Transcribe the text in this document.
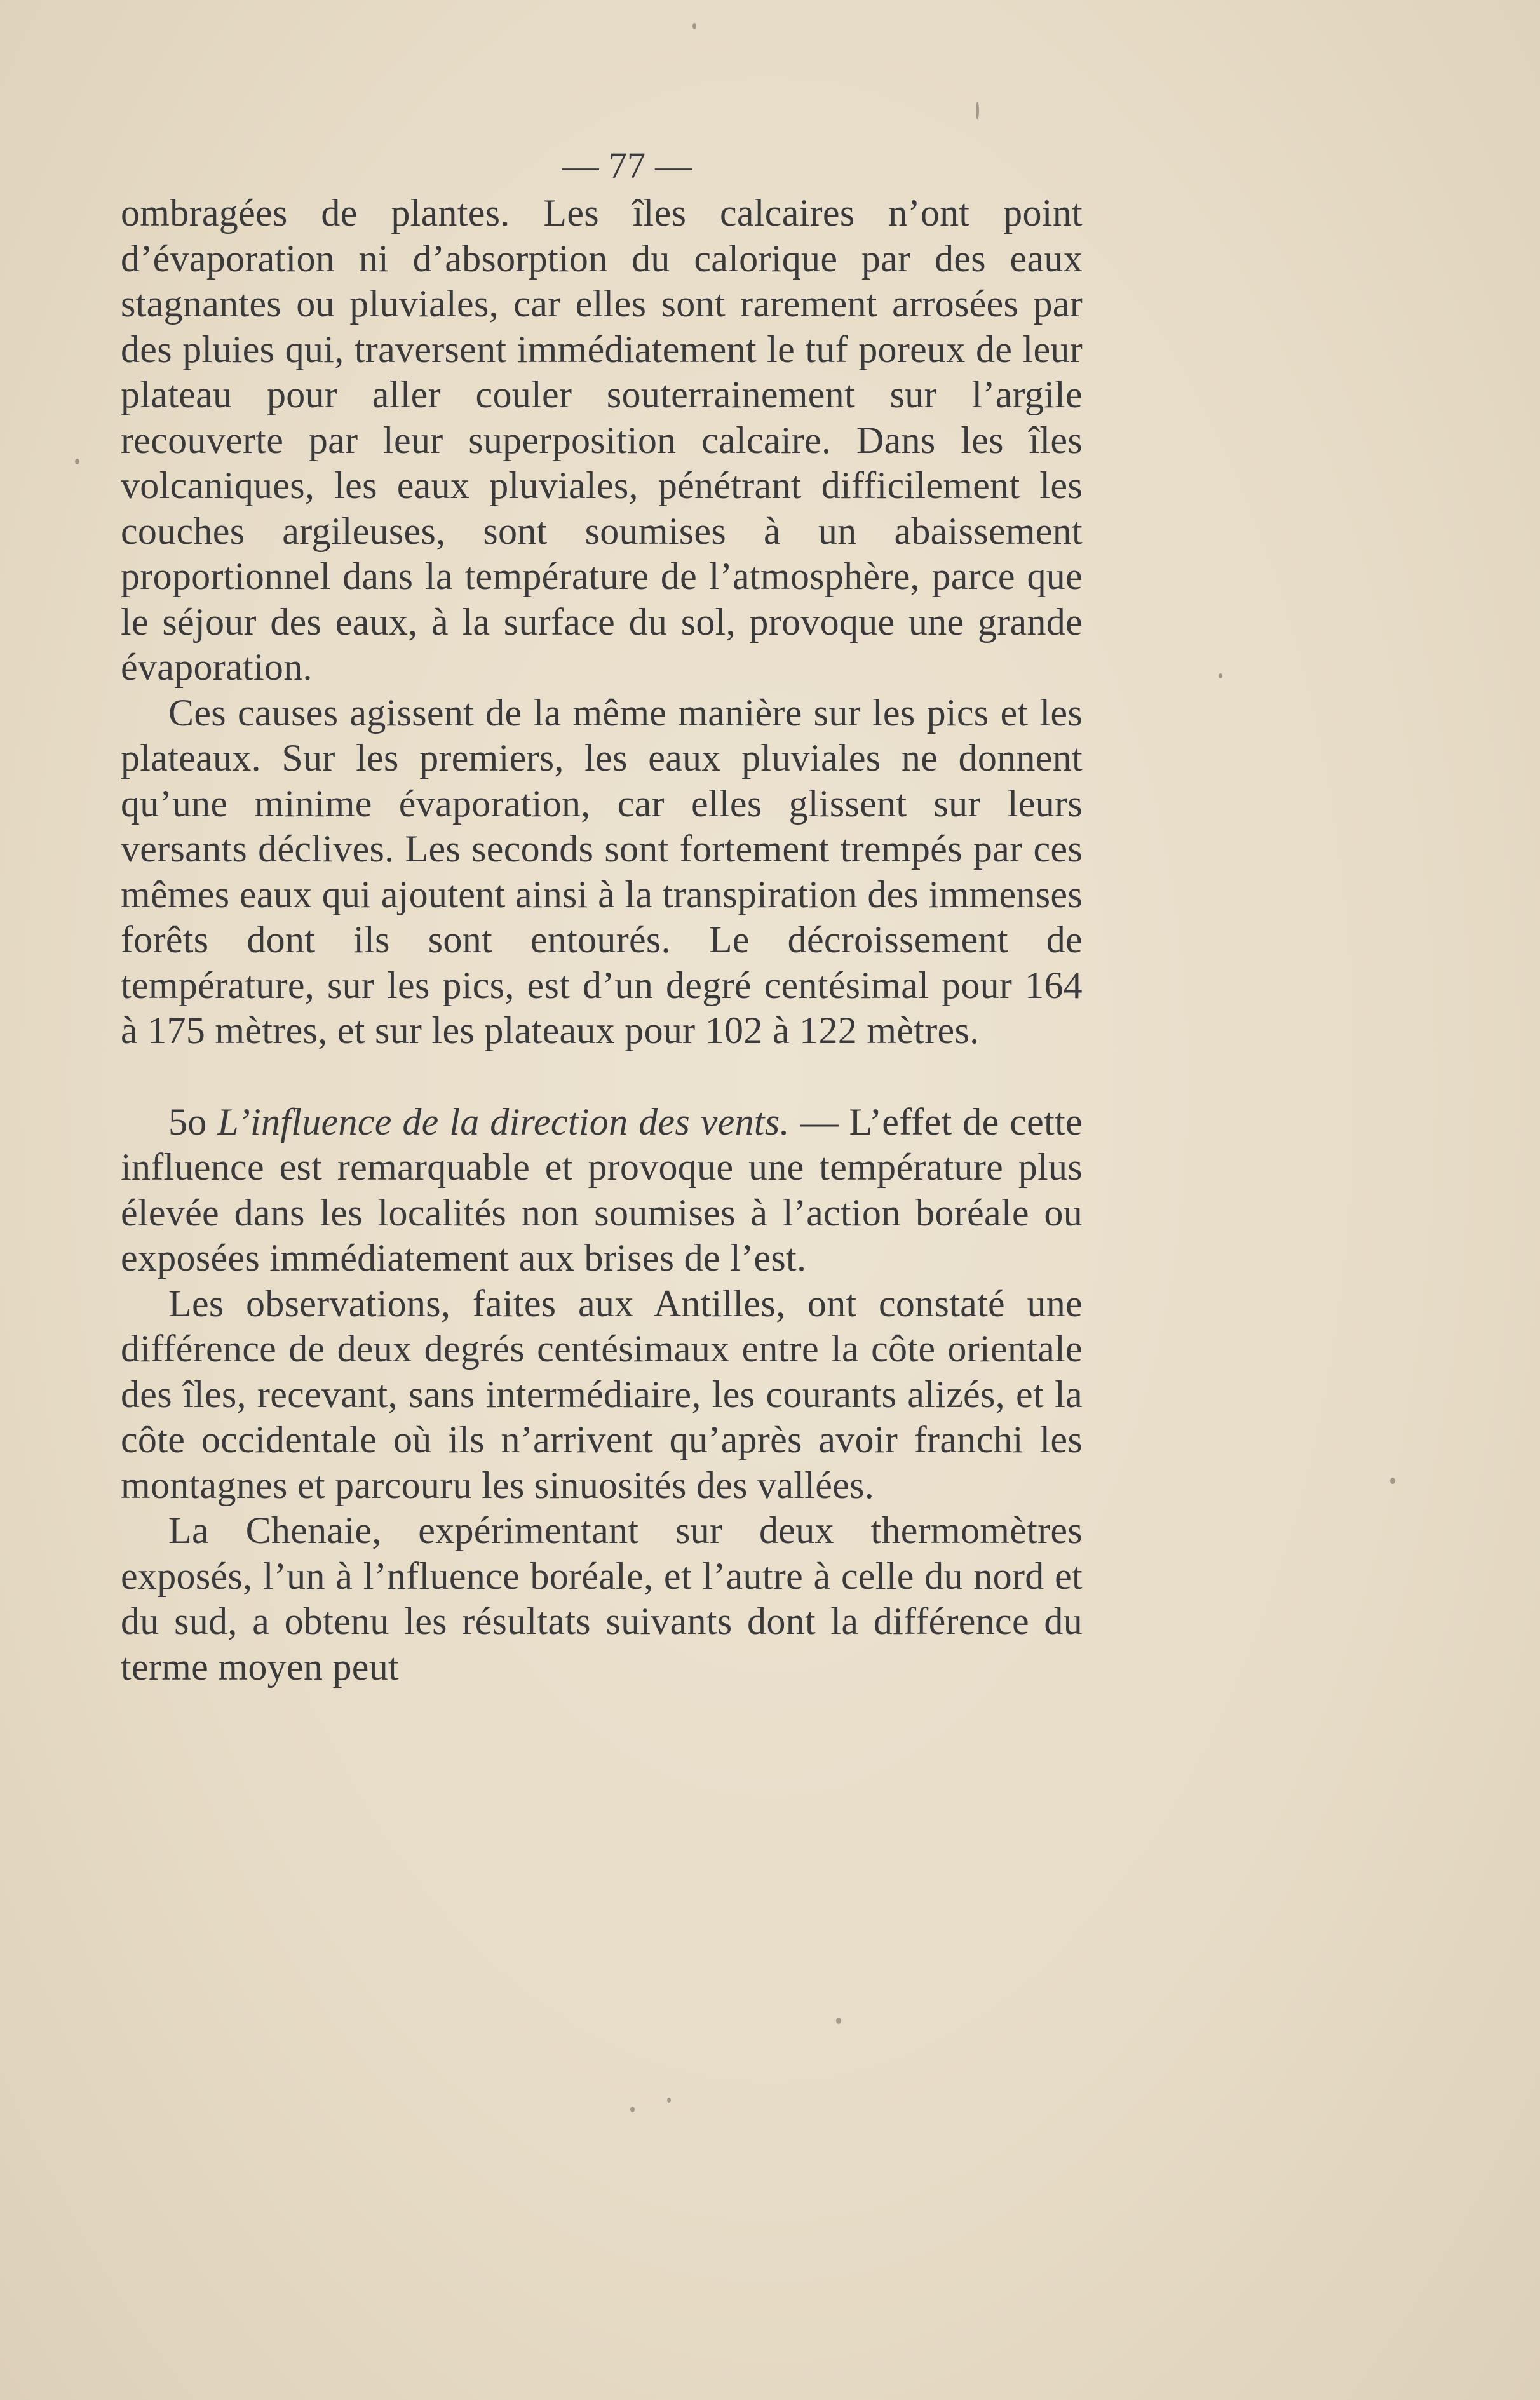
— 77 —

ombragées de plantes. Les îles calcaires n’ont point d’évaporation ni d’absorption du calorique par des eaux stagnantes ou pluviales, car elles sont rarement arrosées par des pluies qui, traversent immédiatement le tuf poreux de leur plateau pour aller couler souterrainement sur l’argile recouverte par leur superposition calcaire. Dans les îles volcaniques, les eaux pluviales, pénétrant difficilement les couches argileuses, sont soumises à un abaissement proportionnel dans la température de l’atmosphère, parce que le séjour des eaux, à la surface du sol, provoque une grande évaporation.

Ces causes agissent de la même manière sur les pics et les plateaux. Sur les premiers, les eaux pluviales ne donnent qu’une minime évaporation, car elles glissent sur leurs versants déclives. Les seconds sont fortement trempés par ces mêmes eaux qui ajoutent ainsi à la transpiration des immenses forêts dont ils sont entourés. Le décroissement de température, sur les pics, est d’un degré centésimal pour 164 à 175 mètres, et sur les plateaux pour 102 à 122 mètres.

5o L’influence de la direction des vents. — L’effet de cette influence est remarquable et provoque une température plus élevée dans les localités non soumises à l’action boréale ou exposées immédiatement aux brises de l’est.

Les observations, faites aux Antilles, ont constaté une différence de deux degrés centésimaux entre la côte orientale des îles, recevant, sans intermédiaire, les courants alizés, et la côte occidentale où ils n’arrivent qu’après avoir franchi les montagnes et parcouru les sinuosités des vallées.

La Chenaie, expérimentant sur deux thermomètres exposés, l’un à l’nfluence boréale, et l’autre à celle du nord et du sud, a obtenu les résultats suivants dont la différence du terme moyen peut
